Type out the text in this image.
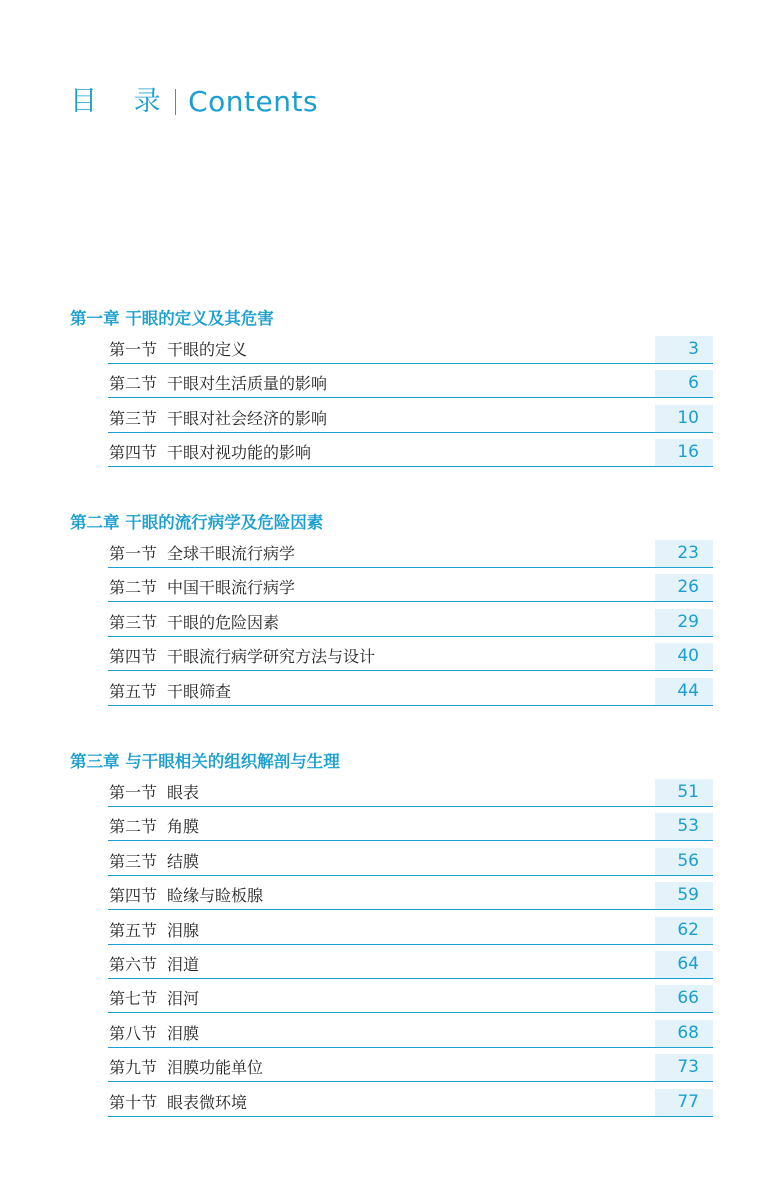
目 录 Contents
第一章 干眼的定义及其危害
第一节 干眼的定义	3
第二节 干眼对生活质量的影响	6
第三节 干眼对社会经济的影响	10
第四节 干眼对视功能的影响	16
第二章 干眼的流行病学及危险因素
第一节 全球干眼流行病学	23
第二节 中国干眼流行病学	26
第三节 干眼的危险因素	29
第四节 干眼流行病学研究方法与设计	40
第五节 干眼筛查	44
第三章 与干眼相关的组织解剖与生理
第一节 眼表	51
第二节 角膜	53
第三节 结膜	56
第四节 睑缘与睑板腺	59
第五节 泪腺	62
第六节 泪道	64
第七节 泪河	66
第八节 泪膜	68
第九节 泪膜功能单位	73
第十节 眼表微环境	77
